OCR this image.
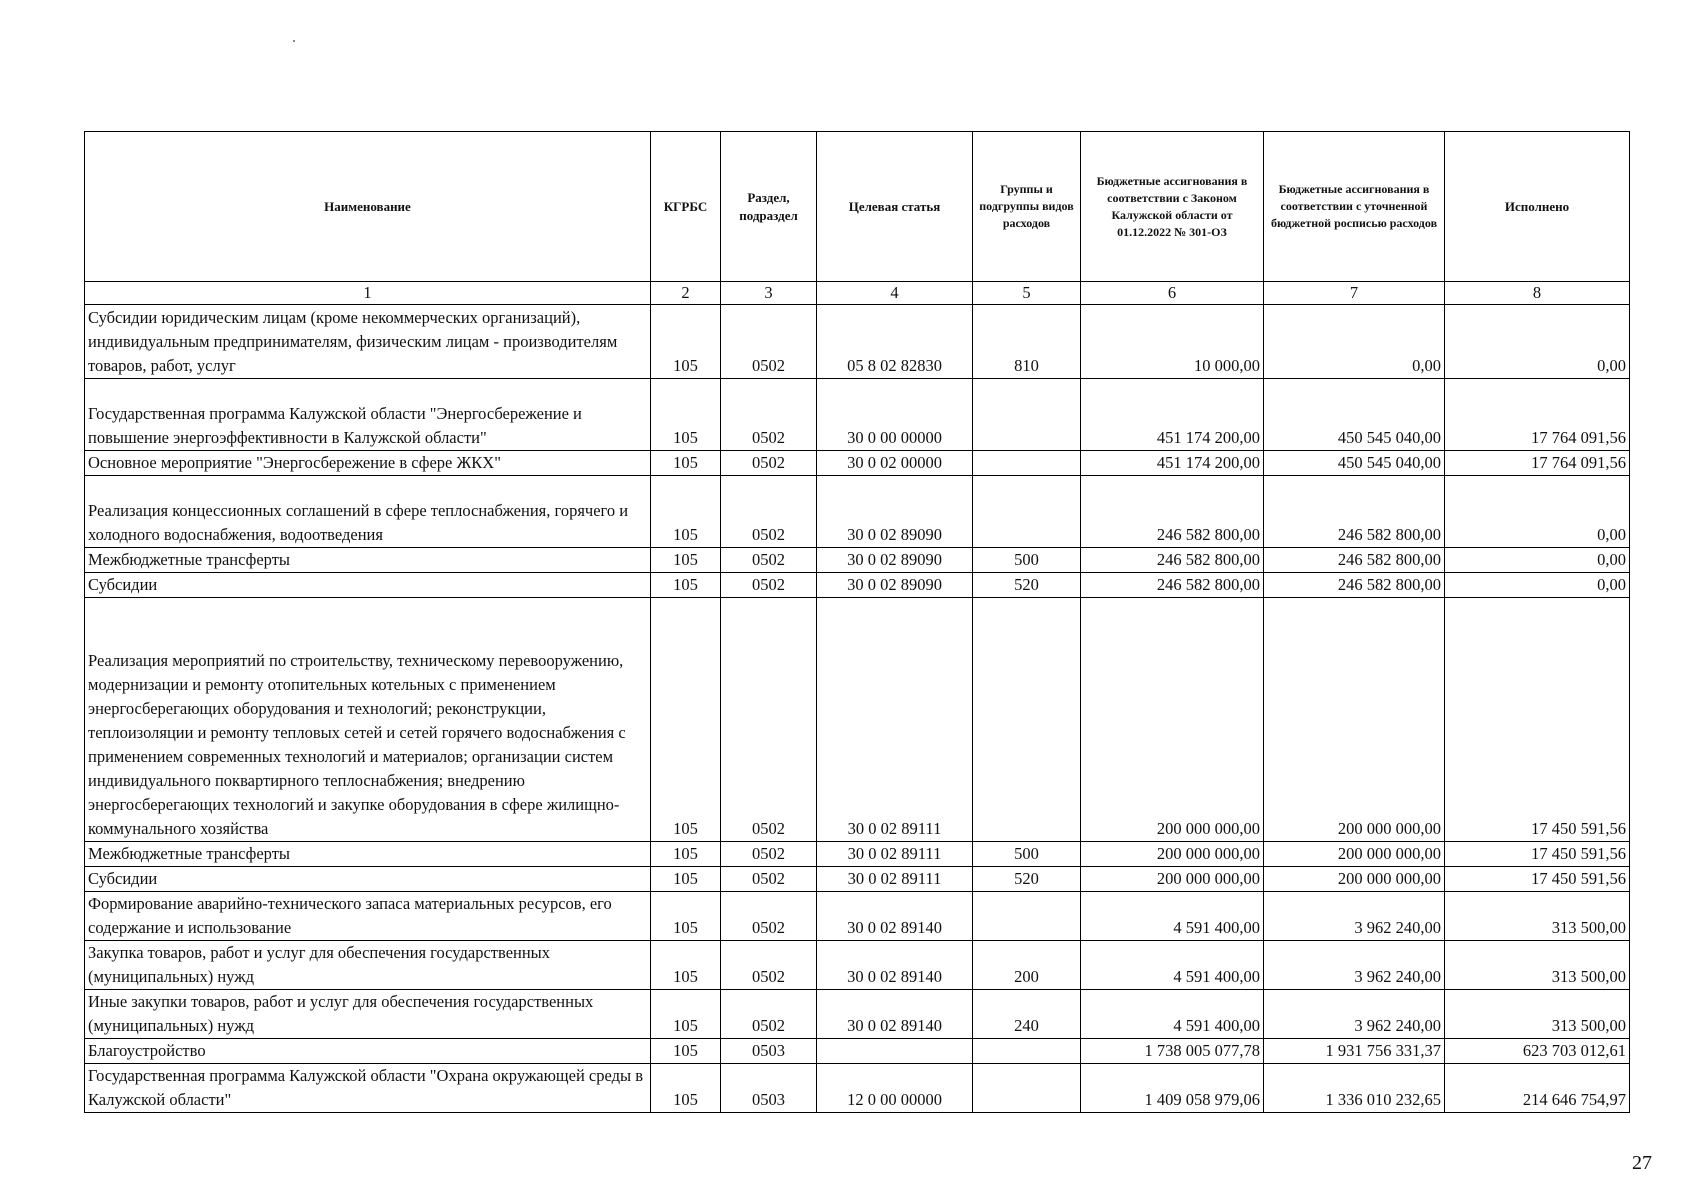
Наименование	КГРБС	Раздел, подраздел	Целевая статья	Группы и подгруппы видов расходов	Бюджетные ассигнования в соответствии с Законом Калужской области от 01.12.2022 № 301-ОЗ	Бюджетные ассигнования в соответствии с уточненной бюджетной росписью расходов	Исполнено
1	2	3	4	5	6	7	8
Субсидии юридическим лицам (кроме некоммерческих организаций), индивидуальным предпринимателям, физическим лицам - производителям товаров, работ, услуг	105	0502	05 8 02 82830	810	10 000,00	0,00	0,00
Государственная программа Калужской области "Энергосбережение и повышение энергоэффективности в Калужской области"	105	0502	30 0 00 00000		451 174 200,00	450 545 040,00	17 764 091,56
Основное мероприятие "Энергосбережение в сфере ЖКХ"	105	0502	30 0 02 00000		451 174 200,00	450 545 040,00	17 764 091,56
Реализация концессионных соглашений в сфере теплоснабжения, горячего и холодного водоснабжения, водоотведения	105	0502	30 0 02 89090		246 582 800,00	246 582 800,00	0,00
Межбюджетные трансферты	105	0502	30 0 02 89090	500	246 582 800,00	246 582 800,00	0,00
Субсидии	105	0502	30 0 02 89090	520	246 582 800,00	246 582 800,00	0,00
Реализация мероприятий по строительству, техническому перевооружению, модернизации и ремонту отопительных котельных с применением энергосберегающих оборудования и технологий; реконструкции, теплоизоляции и ремонту тепловых сетей и сетей горячего водоснабжения с применением современных технологий и материалов; организации систем индивидуального поквартирного теплоснабжения; внедрению энергосберегающих технологий и закупке оборудования в сфере жилищно-коммунального хозяйства	105	0502	30 0 02 89111		200 000 000,00	200 000 000,00	17 450 591,56
Межбюджетные трансферты	105	0502	30 0 02 89111	500	200 000 000,00	200 000 000,00	17 450 591,56
Субсидии	105	0502	30 0 02 89111	520	200 000 000,00	200 000 000,00	17 450 591,56
Формирование аварийно-технического запаса материальных ресурсов, его содержание и использование	105	0502	30 0 02 89140		4 591 400,00	3 962 240,00	313 500,00
Закупка товаров, работ и услуг для обеспечения государственных (муниципальных) нужд	105	0502	30 0 02 89140	200	4 591 400,00	3 962 240,00	313 500,00
Иные закупки товаров, работ и услуг для обеспечения государственных (муниципальных) нужд	105	0502	30 0 02 89140	240	4 591 400,00	3 962 240,00	313 500,00
Благоустройство	105	0503			1 738 005 077,78	1 931 756 331,37	623 703 012,61
Государственная программа Калужской области "Охрана окружающей среды в Калужской области"	105	0503	12 0 00 00000		1 409 058 979,06	1 336 010 232,65	214 646 754,97
27
